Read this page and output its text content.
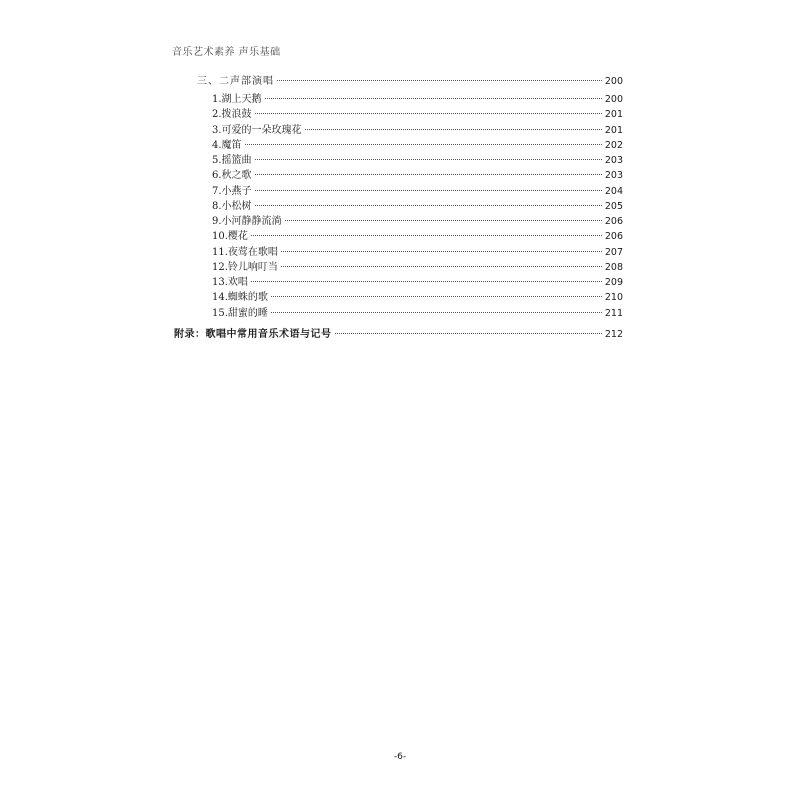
音乐艺术素养 声乐基础
三、二声部演唱	200
1.湖上天鹅	200
2.拨浪鼓	201
3.可爱的一朵玫瑰花	201
4.魔笛	202
5.摇篮曲	203
6.秋之歌	203
7.小燕子	204
8.小松树	205
9.小河静静流淌	206
10.樱花	206
11.夜莺在歌唱	207
12.铃儿响叮当	208
13.欢唱	209
14.蜘蛛的歌	210
15.甜蜜的睡	211
附录：歌唱中常用音乐术语与记号	212
-6-
